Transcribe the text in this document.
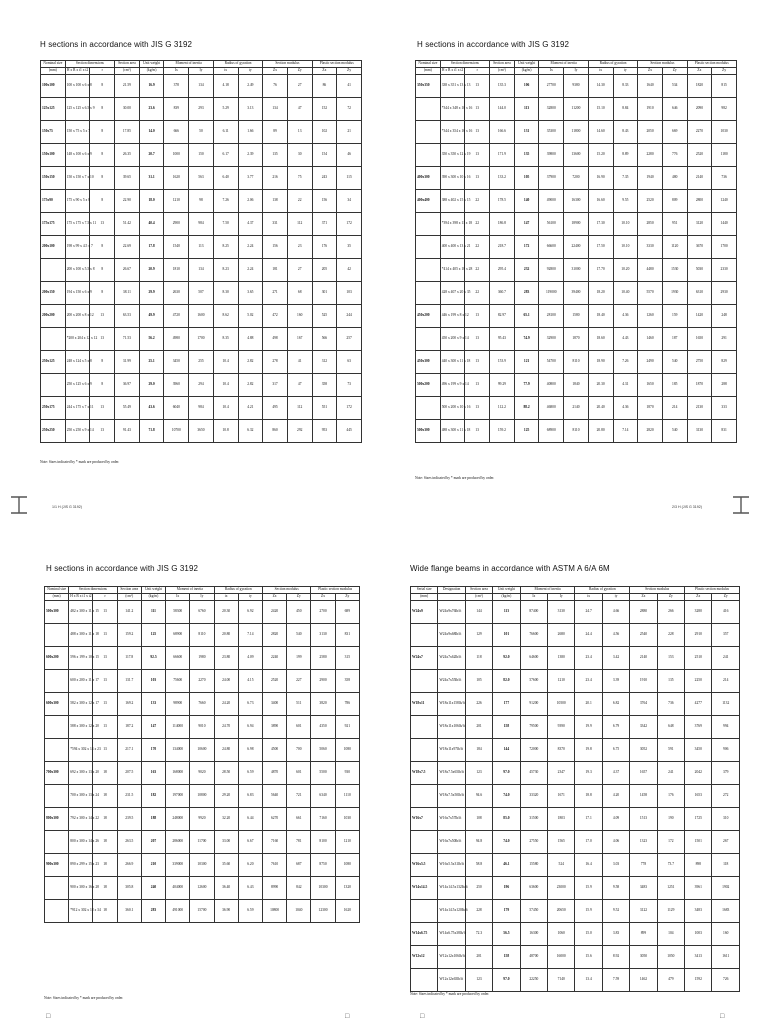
H sections in accordance with JIS G 3192
Nominal size	Section dimensions		Section area	Unit weight	Moment of inertia		Radius of gyration		Section modulus		Plastic section modulus	
(mm)	H x B x t1 x t2	r	(cm²)	(kg/m)	Ix	Iy	ix	iy	Zx	Zy	Zx	Zy
100x100	100 x 100 x 6 x 8	8	21.59	16.9	378	134	4.18	2.49	76	27	86	41
125x125	125 x 125 x 6.5 x 9	8	30.00	23.6	839	293	5.29	3.13	134	47	152	72
150x75	150 x 75 x 5 x 7	8	17.85	14.0	666	50	6.11	1.66	89	13	102	21
150x100	148 x 100 x 6 x 9	8	26.35	20.7	1000	150	6.17	2.39	135	30	154	46
150x150	150 x 150 x 7 x 10	8	39.65	31.1	1620	563	6.40	3.77	216	75	243	115
175x90	175 x 90 x 5 x 8	8	22.90	18.0	1210	98	7.26	2.06	138	22	156	34
175x175	175 x 175 x 7.5 x 11	13	51.42	40.4	2900	984	7.50	4.37	331	112	371	172
200x100	198 x 99 x 4.5 x 7	8	22.69	17.8	1540	113	8.25	2.24	156	23	176	35
	200 x 100 x 5.5 x 8	8	26.67	20.9	1810	134	8.23	2.24	181	27	205	42
200x150	194 x 150 x 6 x 9	8	38.11	29.9	2630	507	8.30	3.65	271	68	301	103
200x200	200 x 200 x 8 x 12	13	63.53	49.9	4720	1600	8.62	5.02	472	160	525	244
	*200 x 204 x 12 x 12	13	71.53	56.2	4980	1700	8.35	4.88	498	167	566	257
250x125	248 x 124 x 5 x 8	8	31.99	25.1	3450	255	10.4	2.82	278	41	312	63
	250 x 125 x 6 x 9	8	36.97	29.0	3960	294	10.4	2.82	317	47	358	73
250x175	244 x 175 x 7 x 11	13	55.49	43.6	6040	984	10.4	4.21	495	112	551	172
250x250	250 x 250 x 9 x 14	13	91.43	71.8	10700	3650	10.8	6.32	860	292	953	445
Note: Sizes indicated by * mark are produced by order.
H sections in accordance with JIS G 3192
Nominal size	Section dimensions		Section area	Unit weight	Moment of inertia		Radius of gyration		Section modulus		Plastic section modulus	
(mm)	H x B x t1 x t2	r	(cm²)	(kg/m)	Ix	Iy	ix	iy	Zx	Zy	Zx	Zy
350x350	338 x 351 x 13 x 13	13	135.3	106	27700	9380	14.30	8.33	1640	534	1820	815
	*344 x 348 x 10 x 16	13	144.0	113	32800	11200	15.10	8.84	1910	646	2090	982
	*344 x 354 x 16 x 16	13	166.6	131	35300	11800	14.60	8.43	2050	669	2270	1030
	350 x 350 x 12 x 19	13	171.9	135	39800	13600	15.20	8.89	2280	776	2520	1180
400x300	390 x 300 x 10 x 16	13	133.2	105	37900	7200	16.90	7.35	1940	480	2140	736
400x400	388 x 402 x 15 x 15	22	178.5	140	49000	16300	16.60	9.55	2520	809	2800	1240
	*394 x 398 x 11 x 18	22	186.8	147	56100	18900	17.30	10.10	2850	951	3120	1440
	400 x 400 x 13 x 21	22	218.7	172	66600	22400	17.50	10.10	3330	1120	3670	1700
	*414 x 405 x 18 x 28	22	295.4	232	92800	31000	17.70	10.20	4480	1530	5030	2330
	428 x 407 x 20 x 35	22	360.7	283	119000	39400	18.20	10.40	5570	1930	6310	2930
450x200	446 x 199 x 8 x 12	13	82.97	65.1	28100	1580	18.40	4.36	1260	159	1420	248
	450 x 200 x 9 x 14	13	95.43	74.9	32900	1870	18.60	4.43	1460	187	1650	291
450x300	440 x 300 x 11 x 18	13	153.9	121	54700	8110	18.90	7.26	2490	540	2750	829
500x200	496 x 199 x 9 x 14	13	99.29	77.9	40800	1840	20.30	4.31	1650	185	1870	288
	500 x 200 x 10 x 16	13	112.2	88.2	46800	2140	20.40	4.36	1870	214	2130	333
500x300	488 x 300 x 11 x 18	13	159.2	125	68900	8110	20.80	7.14	2820	540	3130	831
Note: Sizes indicated by * mark are produced by order.
1/1 H (JIS G 3192)	2/3 H (JIS G 3192)
H sections in accordance with JIS G 3192
Nominal size	Section dimensions		Section area	Unit weight	Moment of inertia		Radius of gyration		Section modulus		Plastic section modulus	
(mm)	H x B x t1 x t2	r	(cm²)	(kg/m)	Ix	Iy	ix	iy	Zx	Zy	Zx	Zy
500x300	482 x 300 x 11 x 15	13	141.2	111	58300	6760	20.30	6.92	2420	450	2700	689
	488 x 300 x 11 x 18	13	159.2	125	68900	8110	20.80	7.14	2820	540	3130	831
600x200	596 x 199 x 10 x 15	13	117.8	92.5	66600	1980	23.80	4.09	2240	199	2580	315
	600 x 200 x 11 x 17	13	131.7	103	75600	2270	24.00	4.15	2520	227	2900	358
600x300	582 x 300 x 12 x 17	13	169.2	133	98900	7660	24.20	6.73	3400	511	3820	786
	588 x 300 x 12 x 20	13	187.2	147	114000	9010	24.70	6.94	3890	601	4350	921
	*594 x 302 x 14 x 23	13	217.1	170	134000	10600	24.80	6.98	4500	700	5060	1080
700x300	692 x 300 x 13 x 20	18	207.5	163	168000	9020	28.50	6.59	4870	601	5500	930
	700 x 300 x 13 x 24	18	231.5	182	197000	10800	29.20	6.83	5640	721	6340	1110
800x300	792 x 300 x 14 x 22	18	239.5	188	248000	9920	32.20	6.44	6270	661	7160	1030
	800 x 300 x 14 x 26	18	263.5	207	286000	11700	33.00	6.67	7160	781	8100	1210
900x300	890 x 299 x 15 x 23	18	266.9	210	339000	10300	35.60	6.20	7610	687	8750	1080
	900 x 300 x 16 x 28	18	305.8	240	404000	12600	36.40	6.43	8990	842	10300	1320
	*912 x 302 x 18 x 34	18	360.1	283	491000	15700	36.90	6.59	10800	1040	12300	1620
Note: Sizes indicated by * mark are produced by order.
Wide flange beams in accordance with ASTM A 6/A 6M
Serial size	Designation	Section area	Unit weight	Moment of inertia		Radius of gyration		Section modulus		Plastic section modulus	
(mm)		(cm²)	(kg/m)	Ix	Iy	ix	iy	Zx	Zy	Zx	Zy
W24x9	W24x9x76lb/ft	144	113	87400	3130	24.7	4.66	2880	266	3280	416
	W24x9x68lb/ft	129	101	76600	2680	24.4	4.56	2540	228	2910	357
W24x7	W24x7x62lb/ft	118	92.0	64600	1380	23.4	3.42	2140	153	2510	241
	W24x7x55lb/ft	105	82.0	57600	1210	23.4	3.39	1910	135	2250	214
W18x11	W18x11x158lb/ft	226	177	91200	10500	20.1	6.82	3764	736	4277	1132
	W18x11x106lb/ft	201	158	79500	9390	19.9	6.79	3342	648	3769	994
	W18x11x97lb/ft	184	144	72000	8370	19.8	6.75	3052	591	3450	906
W18x7.5	W18x7.5x65lb/ft	123	97.0	45730	2347	19.3	4.37	1657	241	2042	379
	W18x7.5x50lb/ft	94.6	74.0	33320	1671	18.8	4.20	1458	176	1653	272
W16x7	W16x7x57lb/ft	108	85.0	31500	1803	17.1	4.09	1513	190	1725	310
	W16x7x50lb/ft	94.8	74.0	27550	1565	17.0	4.06	1323	172	1501	267
W16x5.5	W16x5.5x31lb/ft	58.8	46.1	15580	524	16.4	3.03	778	73.7	898	118
W14x14.5	W14x14.5x132lb/ft	250	196	63600	23000	15.9	9.58	3483	1251	3961	1902
	W14x14.5x120lb/ft	228	179	57450	20650	15.9	9.52	3122	1129	3483	1683
W14x6.75	W14x6.75x38lb/ft	72.3	56.5	16300	1060	15.0	3.83	899	104	1003	160
W12x12	W12x12x106lb/ft	201	158	48700	16000	15.6	8.92	3050	1050	3413	1611
	W12x12x65lb/ft	123	97.0	22250	7140	13.4	7.59	1462	479	1592	726
Note: Sizes indicated by * mark are produced by order.
□	□	□	□
